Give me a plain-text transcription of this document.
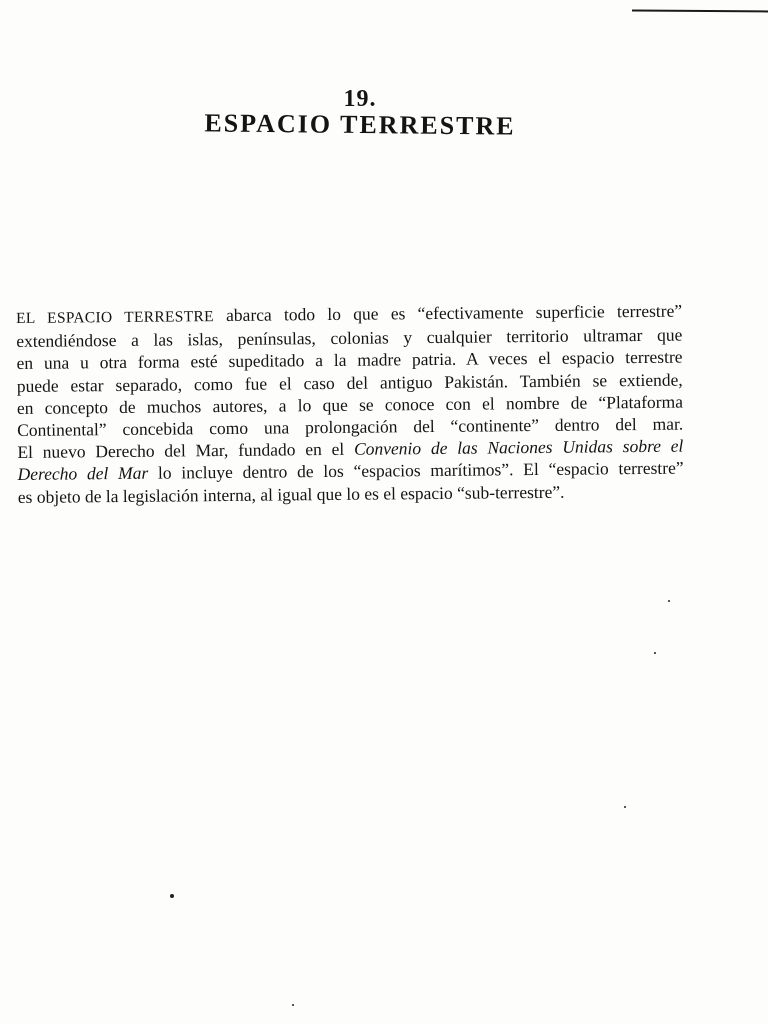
19.
ESPACIO TERRESTRE
EL ESPACIO TERRESTRE abarca todo lo que es “efectivamente superficie terrestre”
extendiéndose a las islas, penínsulas, colonias y cualquier territorio ultramar que
en una u otra forma esté supeditado a la madre patria. A veces el espacio terrestre
puede estar separado, como fue el caso del antiguo Pakistán. También se extiende,
en concepto de muchos autores, a lo que se conoce con el nombre de “Plataforma
Continental” concebida como una prolongación del “continente” dentro del mar.
El nuevo Derecho del Mar, fundado en el Convenio de las Naciones Unidas sobre el
Derecho del Mar lo incluye dentro de los “espacios marítimos”. El “espacio terrestre”
es objeto de la legislación interna, al igual que lo es el espacio “sub-terrestre”.
